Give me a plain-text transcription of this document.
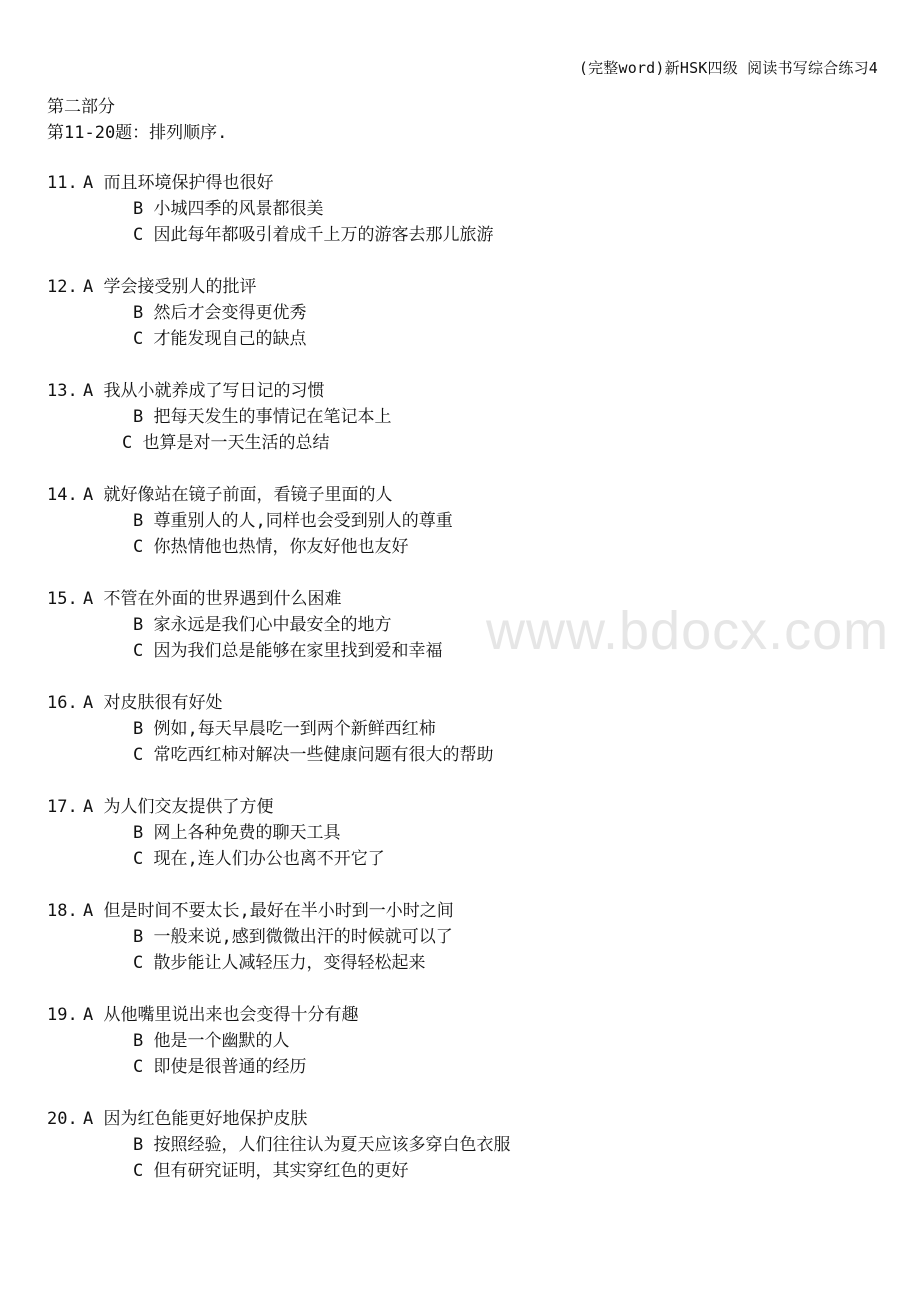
(完整word)新HSK四级 阅读书写综合练习4
第二部分
第11-20题：排列顺序.
www.bdocx.com
11. A 而且环境保护得也很好
B 小城四季的风景都很美
C 因此每年都吸引着成千上万的游客去那儿旅游
12. A 学会接受别人的批评
B 然后才会变得更优秀
C 才能发现自己的缺点
13. A 我从小就养成了写日记的习惯
B 把每天发生的事情记在笔记本上
C 也算是对一天生活的总结
14. A 就好像站在镜子前面，看镜子里面的人
B 尊重别人的人,同样也会受到别人的尊重
C 你热情他也热情，你友好他也友好
15. A 不管在外面的世界遇到什么困难
B 家永远是我们心中最安全的地方
C 因为我们总是能够在家里找到爱和幸福
16. A 对皮肤很有好处
B 例如,每天早晨吃一到两个新鲜西红柿
C 常吃西红柿对解决一些健康问题有很大的帮助
17. A 为人们交友提供了方便
B 网上各种免费的聊天工具
C 现在,连人们办公也离不开它了
18. A 但是时间不要太长,最好在半小时到一小时之间
B 一般来说,感到微微出汗的时候就可以了
C 散步能让人减轻压力，变得轻松起来
19. A 从他嘴里说出来也会变得十分有趣
B 他是一个幽默的人
C 即使是很普通的经历
20. A 因为红色能更好地保护皮肤
B 按照经验，人们往往认为夏天应该多穿白色衣服
C 但有研究证明，其实穿红色的更好
